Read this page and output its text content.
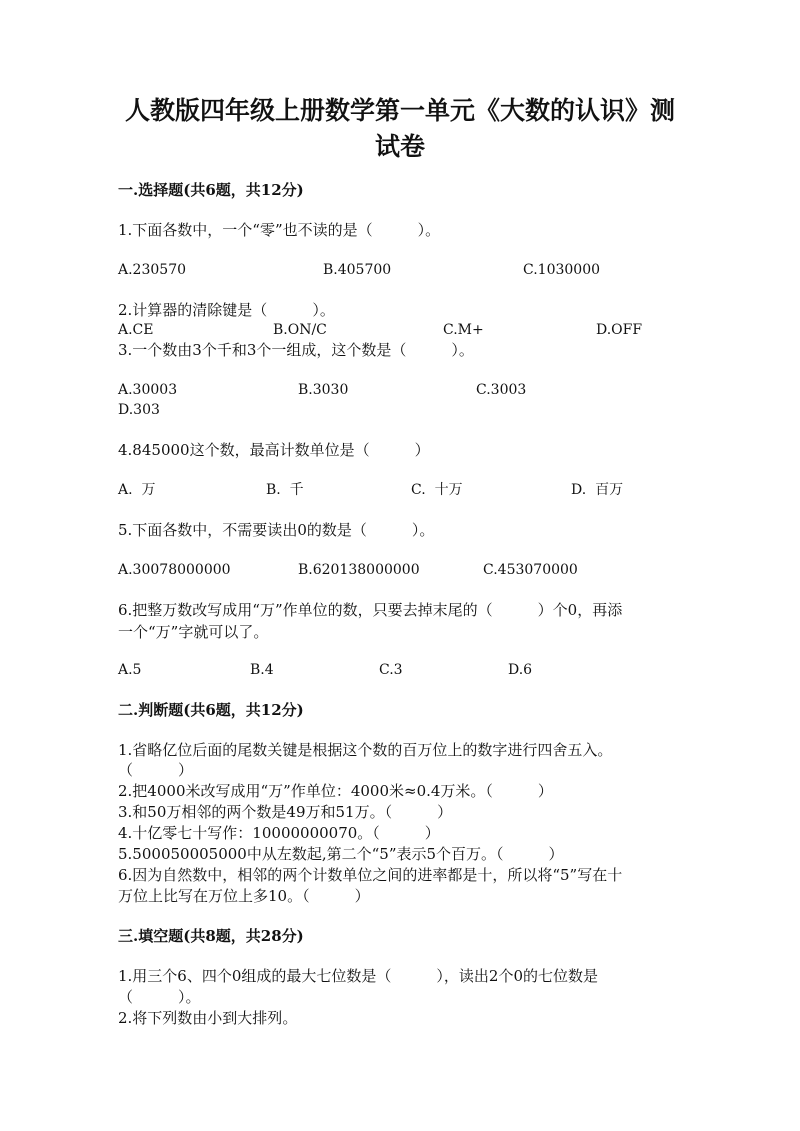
人教版四年级上册数学第一单元《大数的认识》测
试卷
一.选择题(共6题，共12分)
1.下面各数中，一个“零”也不读的是（　　　）。
A.230570	B.405700	C.1030000
2.计算器的清除键是（　　　）。
A.CE	B.ON/C	C.M+	D.OFF
3.一个数由3个千和3个一组成，这个数是（　　　）。
A.30003	B.3030	C.3003
D.303
4.845000这个数，最高计数单位是（　　　）
A.  万	B.  千	C.  十万	D.  百万
5.下面各数中，不需要读出0的数是（　　　）。
A.30078000000	B.620138000000	C.453070000
6.把整万数改写成用“万”作单位的数，只要去掉末尾的（　　　）个0，再添
一个“万”字就可以了。
A.5	B.4	C.3	D.6
二.判断题(共6题，共12分)
1.省略亿位后面的尾数关键是根据这个数的百万位上的数字进行四舍五入。
（　　　）
2.把4000米改写成用“万”作单位：4000米≈0.4万米。（　　　）
3.和50万相邻的两个数是49万和51万。（　　　）
4.十亿零七十写作：10000000070。（　　　）
5.500050005000中从左数起,第二个“5”表示5个百万。（　　　）
6.因为自然数中，相邻的两个计数单位之间的进率都是十，所以将“5”写在十
万位上比写在万位上多10。（　　　）
三.填空题(共8题，共28分)
1.用三个6、四个0组成的最大七位数是（　　　），读出2个0的七位数是
（　　　）。
2.将下列数由小到大排列。
